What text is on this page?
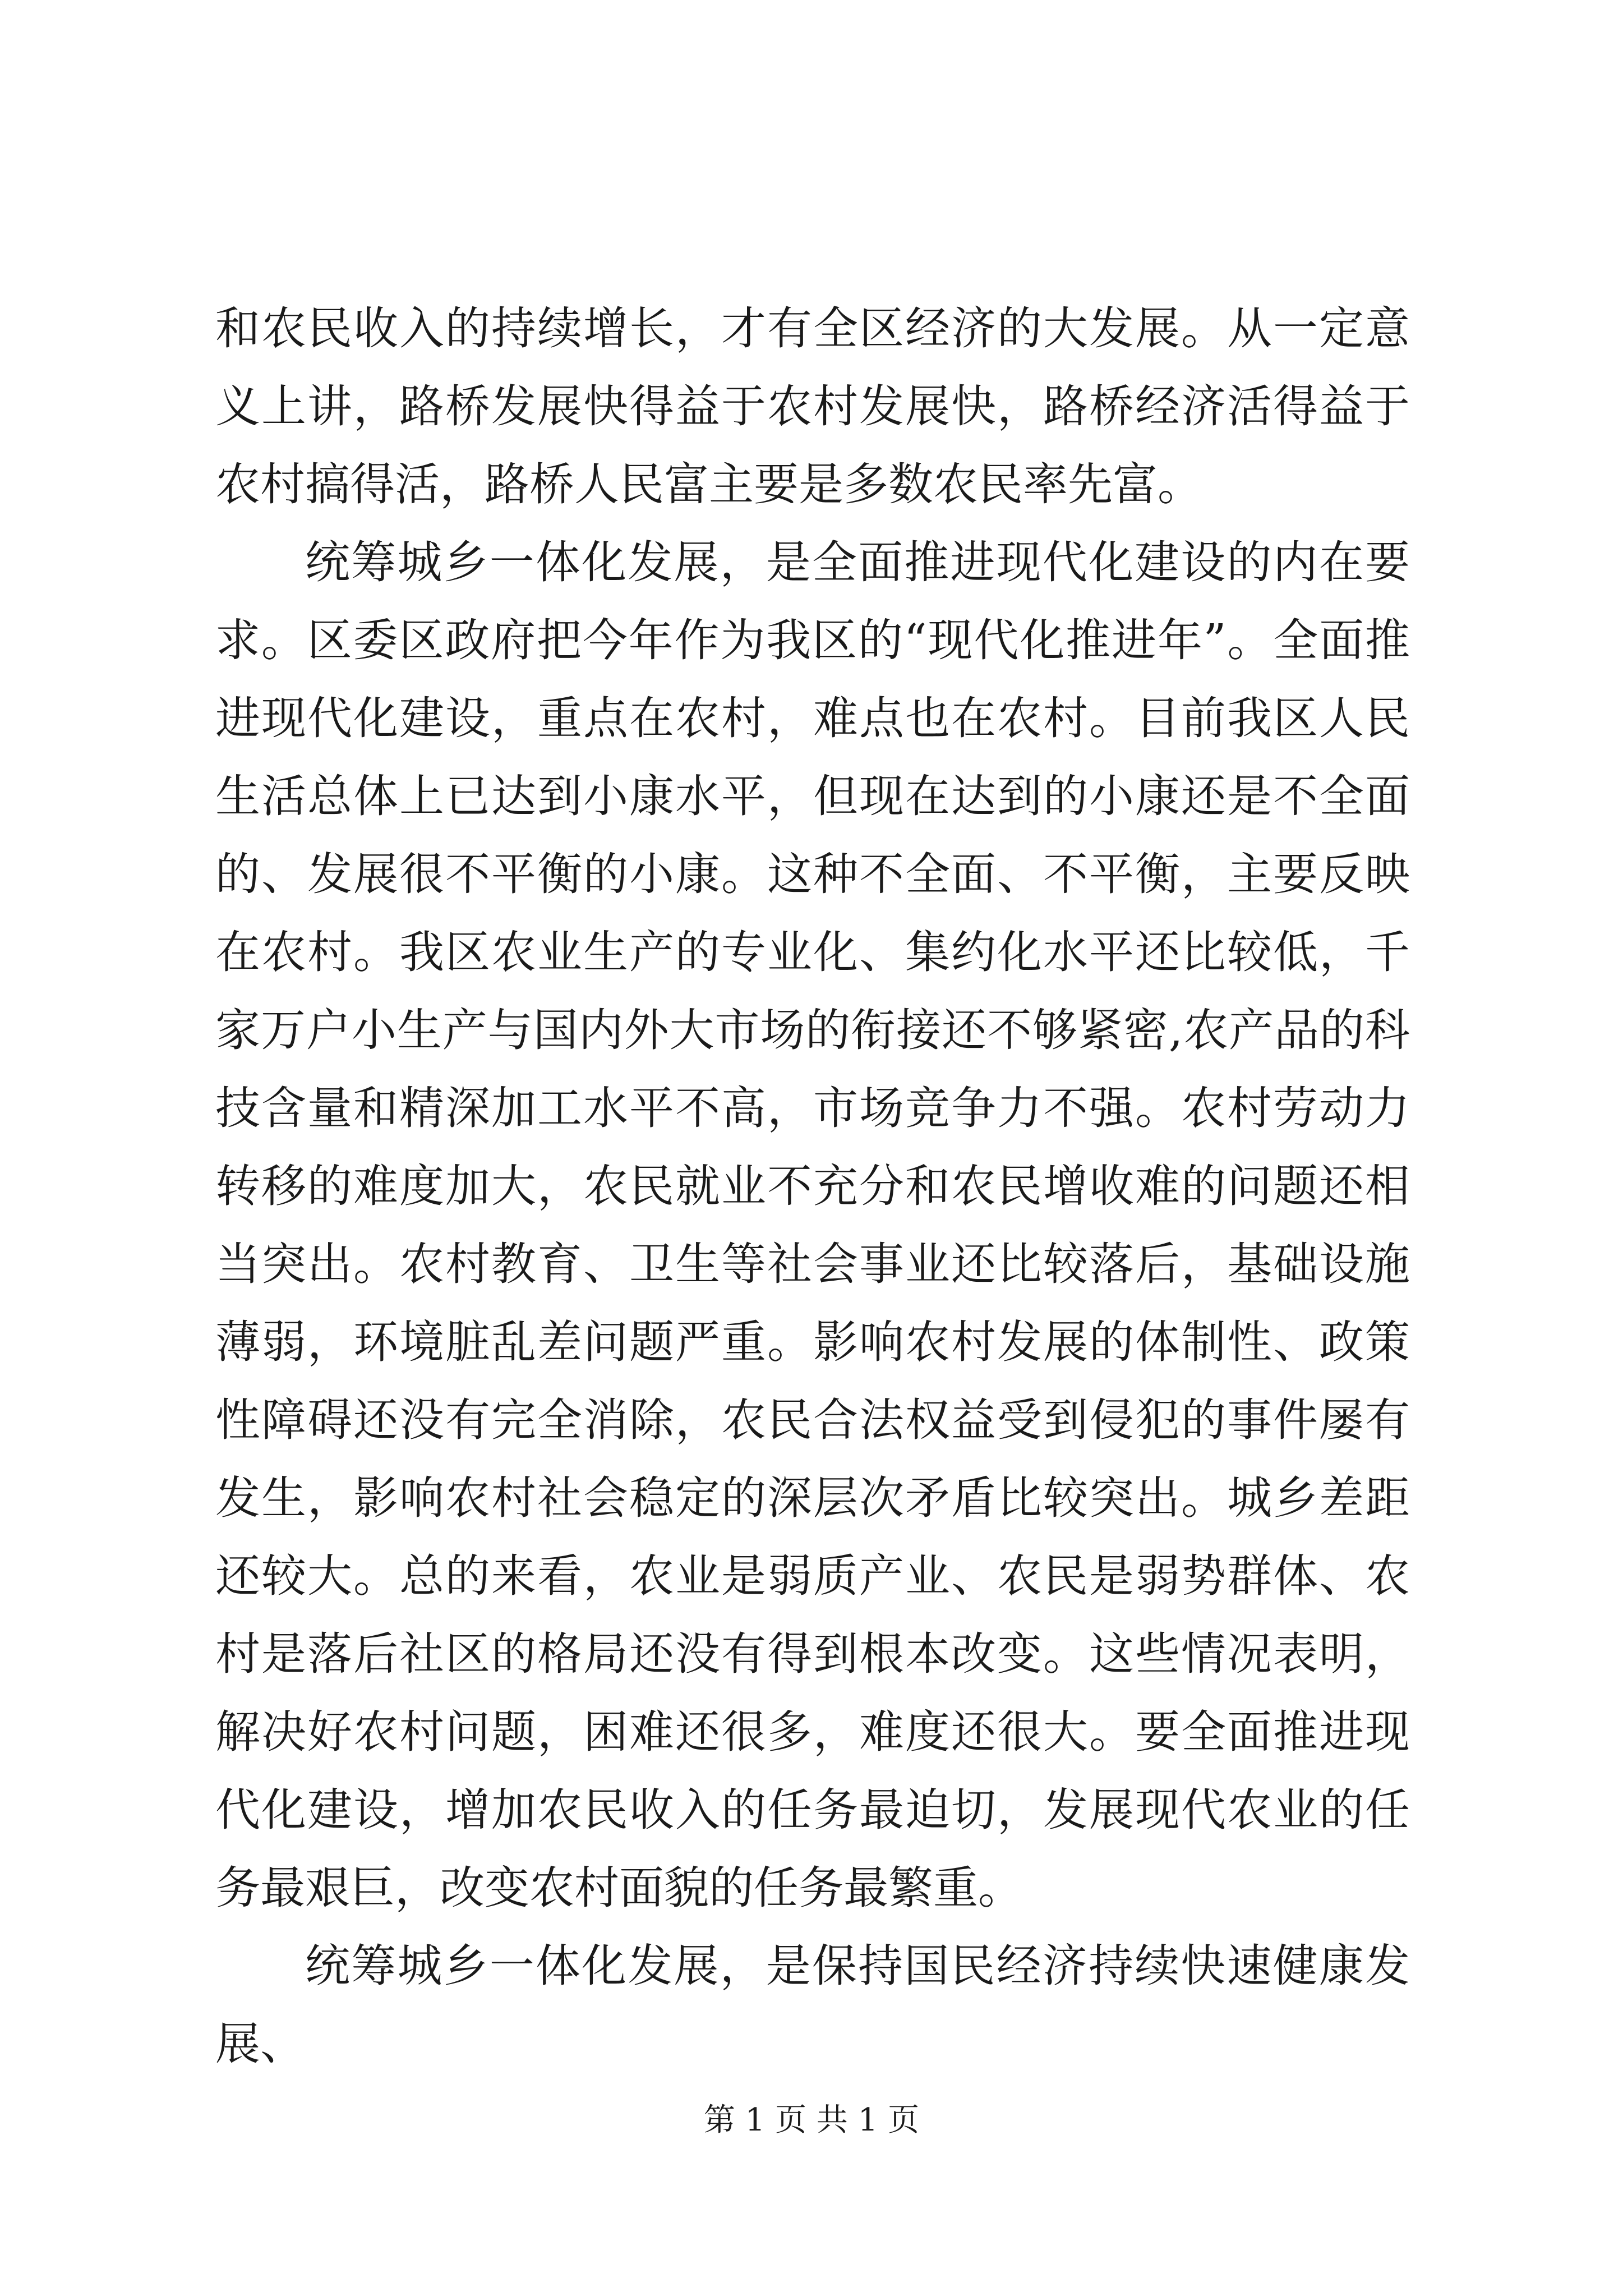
和农民收入的持续增长，才有全区经济的大发展。从一定意义上讲，路桥发展快得益于农村发展快，路桥经济活得益于农村搞得活，路桥人民富主要是多数农民率先富。

统筹城乡一体化发展，是全面推进现代化建设的内在要求。区委区政府把今年作为我区的“现代化推进年”。全面推进现代化建设，重点在农村，难点也在农村。目前我区人民生活总体上已达到小康水平，但现在达到的小康还是不全面的、发展很不平衡的小康。这种不全面、不平衡，主要反映在农村。我区农业生产的专业化、集约化水平还比较低，千家万户小生产与国内外大市场的衔接还不够紧密,农产品的科技含量和精深加工水平不高，市场竞争力不强。农村劳动力转移的难度加大，农民就业不充分和农民增收难的问题还相当突出。农村教育、卫生等社会事业还比较落后，基础设施薄弱，环境脏乱差问题严重。影响农村发展的体制性、政策性障碍还没有完全消除，农民合法权益受到侵犯的事件屡有发生，影响农村社会稳定的深层次矛盾比较突出。城乡差距还较大。总的来看，农业是弱质产业、农民是弱势群体、农村是落后社区的格局还没有得到根本改变。这些情况表明，解决好农村问题，困难还很多，难度还很大。要全面推进现代化建设，增加农民收入的任务最迫切，发展现代农业的任务最艰巨，改变农村面貌的任务最繁重。

统筹城乡一体化发展，是保持国民经济持续快速健康发展、

第 1 页 共 1 页
